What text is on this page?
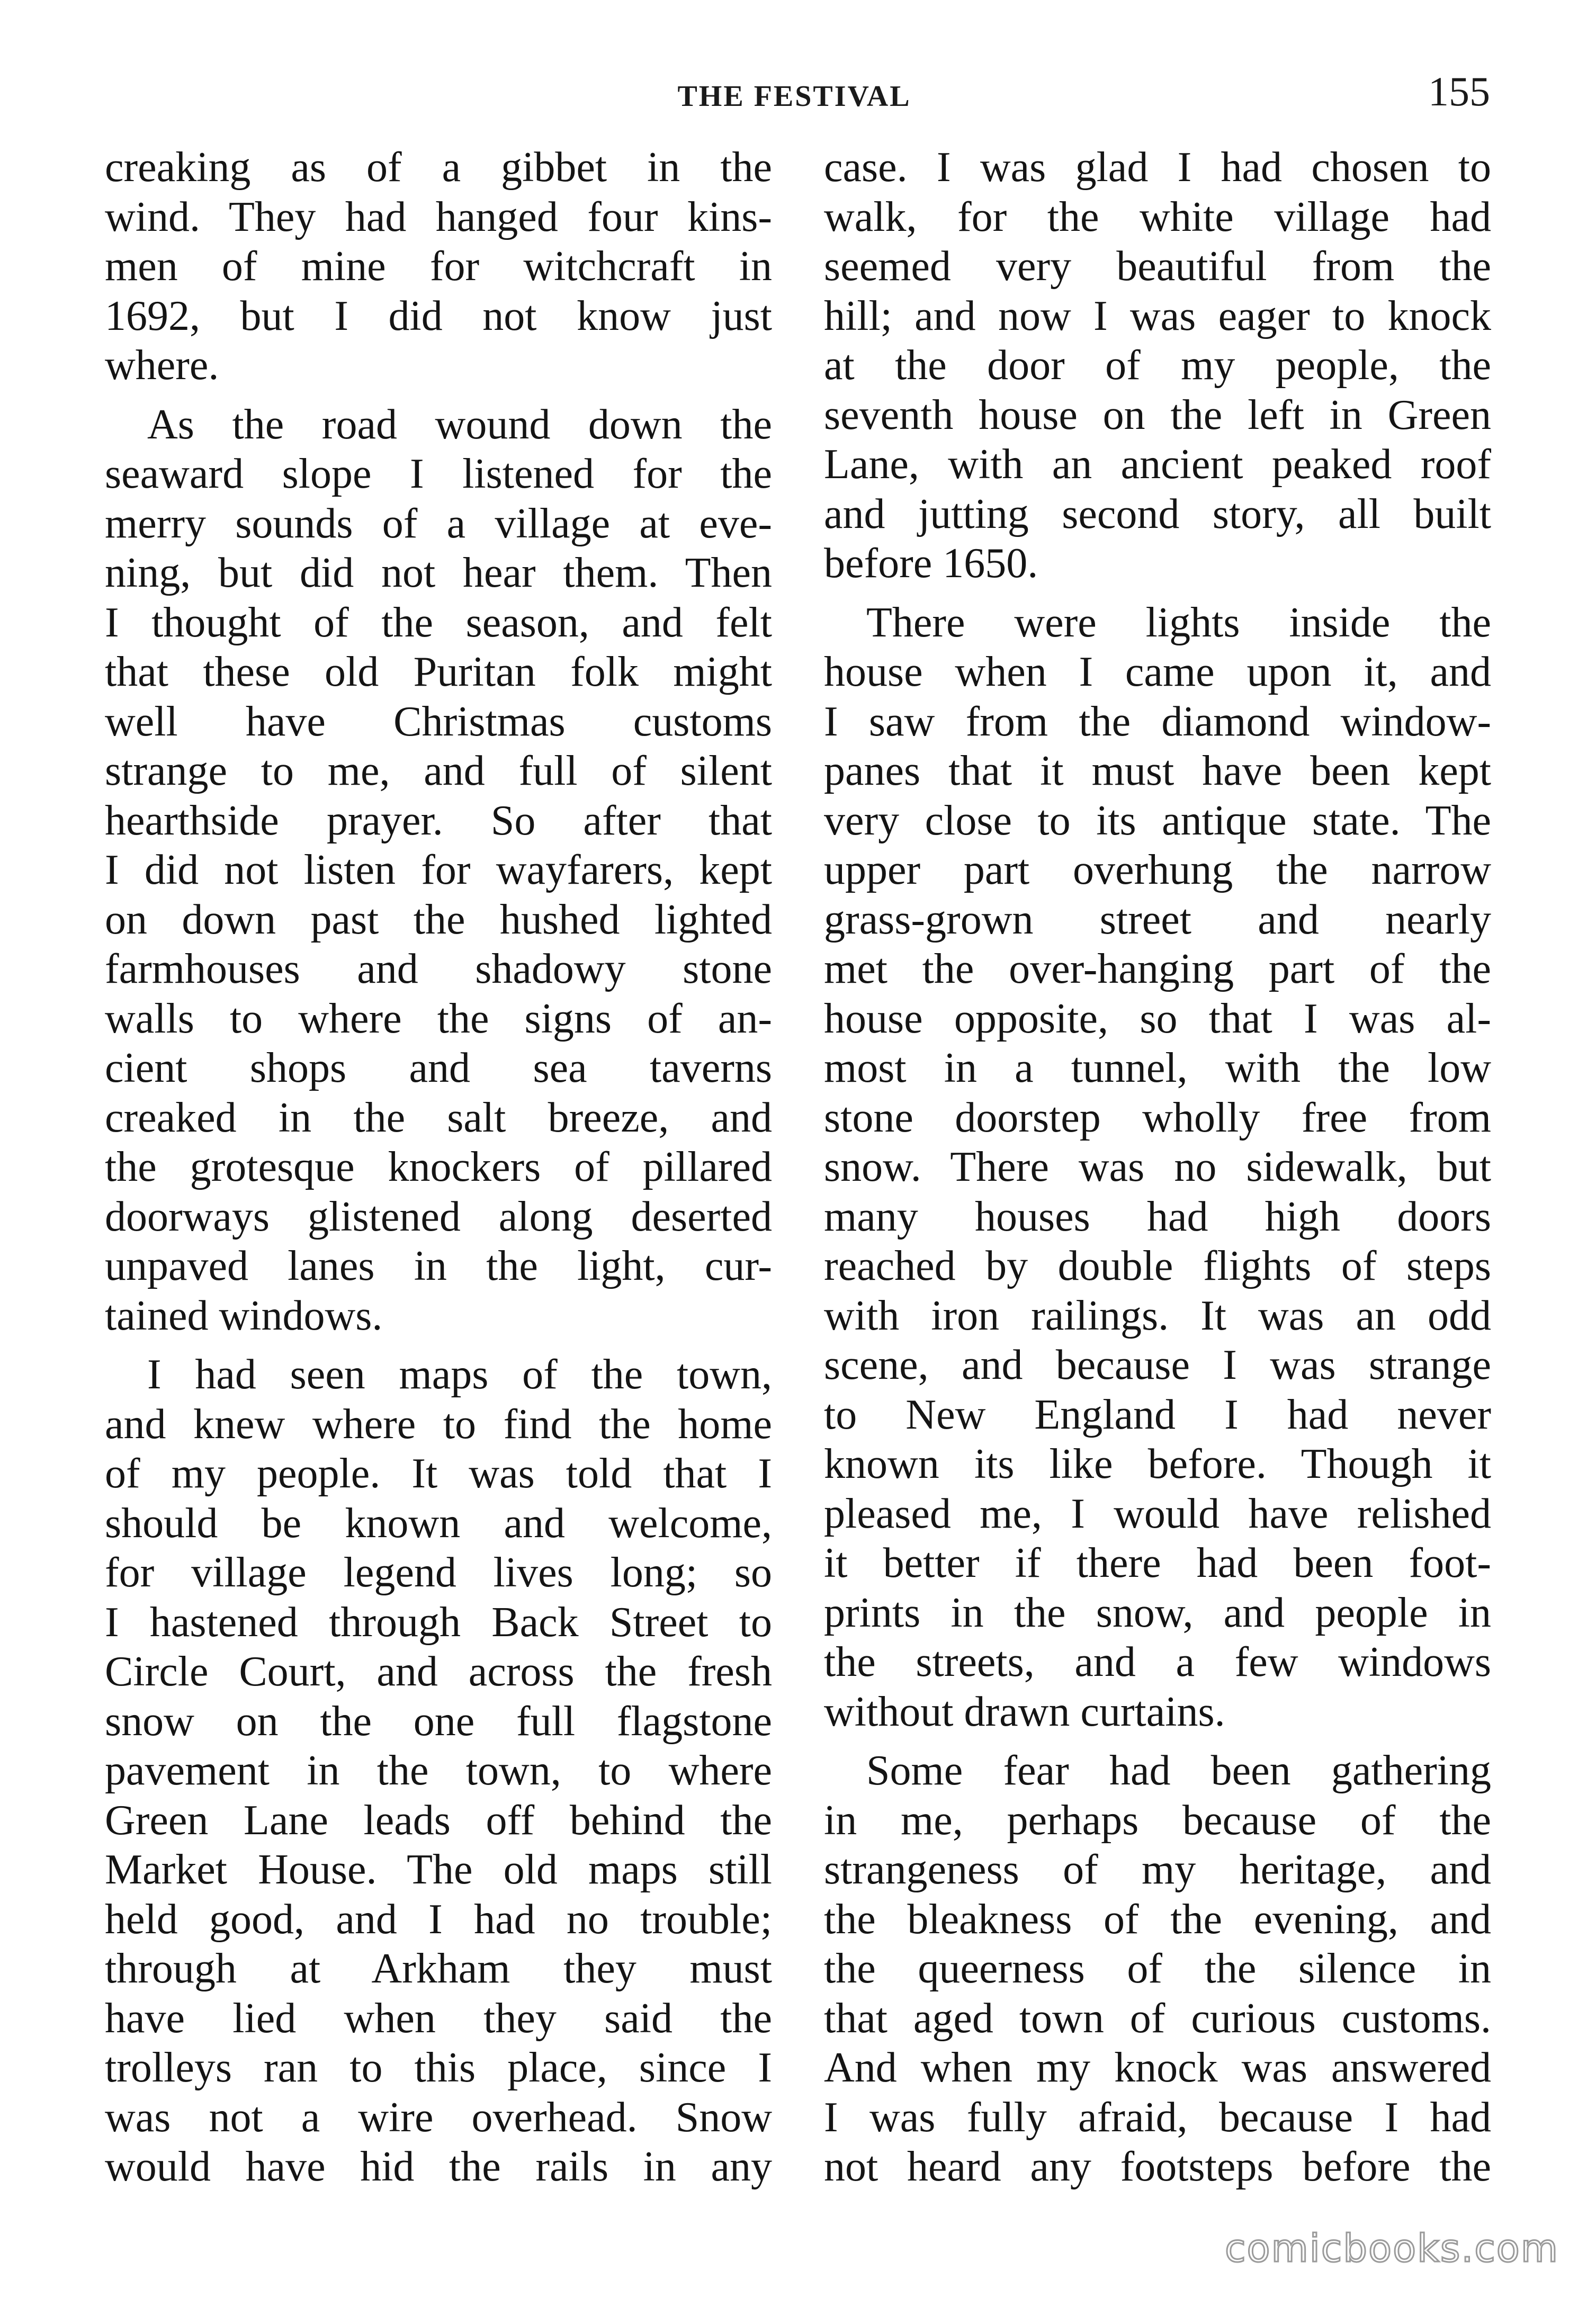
THE FESTIVAL	155
creaking as of a gibbet in the
wind. They had hanged four kins-
men of mine for witchcraft in
1692, but I did not know just
where.
As the road wound down the
seaward slope I listened for the
merry sounds of a village at eve-
ning, but did not hear them. Then
I thought of the season, and felt
that these old Puritan folk might
well have Christmas customs
strange to me, and full of silent
hearthside prayer. So after that
I did not listen for wayfarers, kept
on down past the hushed lighted
farmhouses and shadowy stone
walls to where the signs of an-
cient shops and sea taverns
creaked in the salt breeze, and
the grotesque knockers of pillared
doorways glistened along deserted
unpaved lanes in the light, cur-
tained windows.
I had seen maps of the town,
and knew where to find the home
of my people. It was told that I
should be known and welcome,
for village legend lives long; so
I hastened through Back Street to
Circle Court, and across the fresh
snow on the one full flagstone
pavement in the town, to where
Green Lane leads off behind the
Market House. The old maps still
held good, and I had no trouble;
through at Arkham they must
have lied when they said the
trolleys ran to this place, since I
was not a wire overhead. Snow
would have hid the rails in any
case. I was glad I had chosen to
walk, for the white village had
seemed very beautiful from the
hill; and now I was eager to knock
at the door of my people, the
seventh house on the left in Green
Lane, with an ancient peaked roof
and jutting second story, all built
before 1650.
There were lights inside the
house when I came upon it, and
I saw from the diamond window-
panes that it must have been kept
very close to its antique state. The
upper part overhung the narrow
grass-grown street and nearly
met the over-hanging part of the
house opposite, so that I was al-
most in a tunnel, with the low
stone doorstep wholly free from
snow. There was no sidewalk, but
many houses had high doors
reached by double flights of steps
with iron railings. It was an odd
scene, and because I was strange
to New England I had never
known its like before. Though it
pleased me, I would have relished
it better if there had been foot-
prints in the snow, and people in
the streets, and a few windows
without drawn curtains.
Some fear had been gathering
in me, perhaps because of the
strangeness of my heritage, and
the bleakness of the evening, and
the queerness of the silence in
that aged town of curious customs.
And when my knock was answered
I was fully afraid, because I had
not heard any footsteps before the
comicbooks.com
